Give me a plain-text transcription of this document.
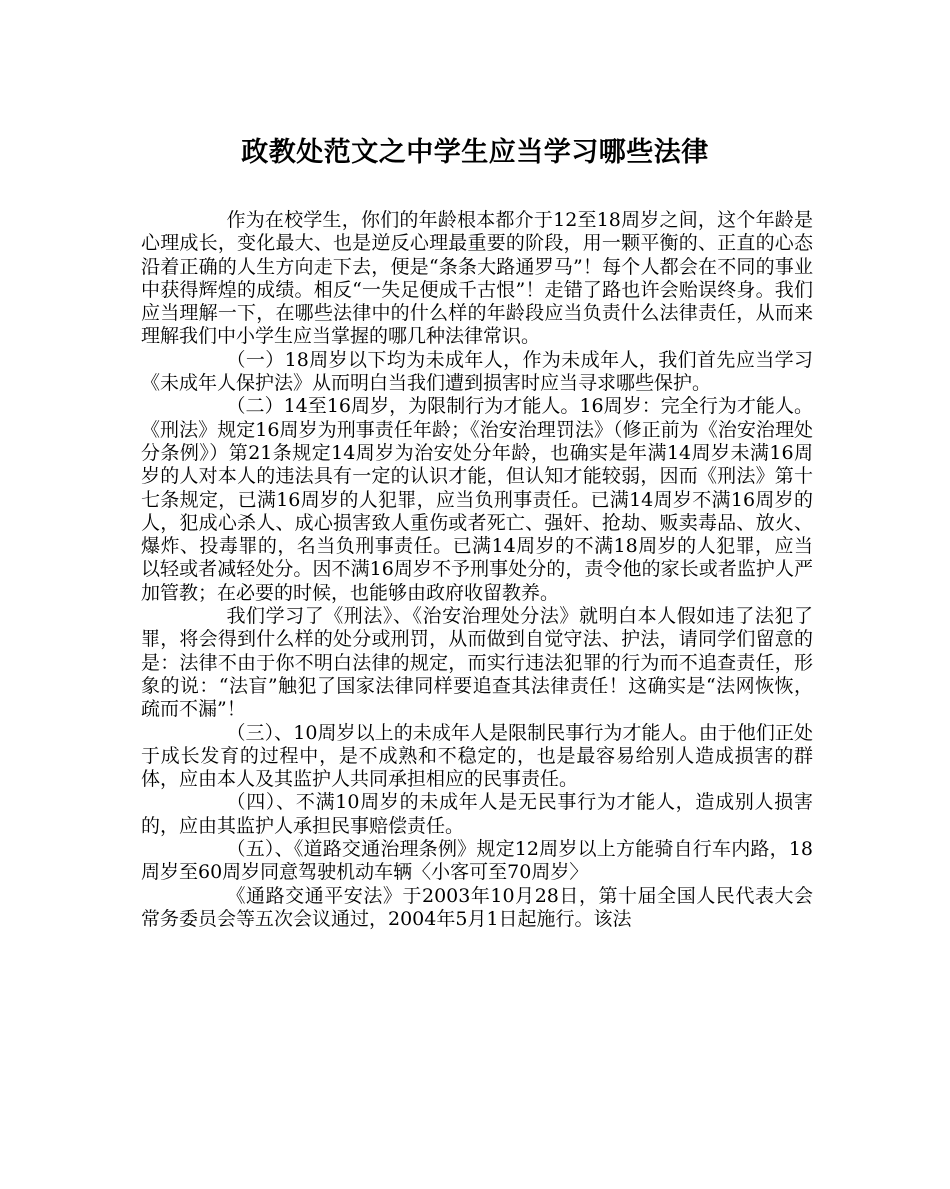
政教处范文之中学生应当学习哪些法律

作为在校学生，你们的年龄根本都介于12至18周岁之间，这个年龄是心理成长，变化最大、也是逆反心理最重要的阶段，用一颗平衡的、正直的心态沿着正确的人生方向走下去，便是“条条大路通罗马”！每个人都会在不同的事业中获得辉煌的成绩。相反“一失足便成千古恨”！走错了路也许会贻误终身。我们应当理解一下，在哪些法律中的什么样的年龄段应当负责什么法律责任，从而来理解我们中小学生应当掌握的哪几种法律常识。

（一）18周岁以下均为未成年人，作为未成年人，我们首先应当学习《未成年人保护法》从而明白当我们遭到损害时应当寻求哪些保护。

（二）14至16周岁，为限制行为才能人。16周岁：完全行为才能人。《刑法》规定16周岁为刑事责任年龄；《治安治理罚法》（修正前为《治安治理处分条例》）第21条规定14周岁为治安处分年龄，也确实是年满14周岁未满16周岁的人对本人的违法具有一定的认识才能，但认知才能较弱，因而《刑法》第十七条规定，已满16周岁的人犯罪，应当负刑事责任。已满14周岁不满16周岁的人，犯成心杀人、成心损害致人重伤或者死亡、强奸、抢劫、贩卖毒品、放火、爆炸、投毒罪的，名当负刑事责任。已满14周岁的不满18周岁的人犯罪，应当以轻或者减轻处分。因不满16周岁不予刑事处分的，责令他的家长或者监护人严加管教；在必要的时候，也能够由政府收留教养。

我们学习了《刑法》、《治安治理处分法》就明白本人假如违了法犯了罪，将会得到什么样的处分或刑罚，从而做到自觉守法、护法，请同学们留意的是：法律不由于你不明白法律的规定，而实行违法犯罪的行为而不追查责任，形象的说：“法盲”触犯了国家法律同样要追查其法律责任！这确实是“法网恢恢，疏而不漏”！

（三）、10周岁以上的未成年人是限制民事行为才能人。由于他们正处于成长发育的过程中，是不成熟和不稳定的，也是最容易给别人造成损害的群体，应由本人及其监护人共同承担相应的民事责任。

（四）、不满10周岁的未成年人是无民事行为才能人，造成别人损害的，应由其监护人承担民事赔偿责任。

（五）、《道路交通治理条例》规定12周岁以上方能骑自行车内路，18周岁至60周岁同意驾驶机动车辆〈小客可至70周岁〉

《通路交通平安法》于2003年10月28日，第十届全国人民代表大会常务委员会等五次会议通过，2004年5月1日起施行。该法
